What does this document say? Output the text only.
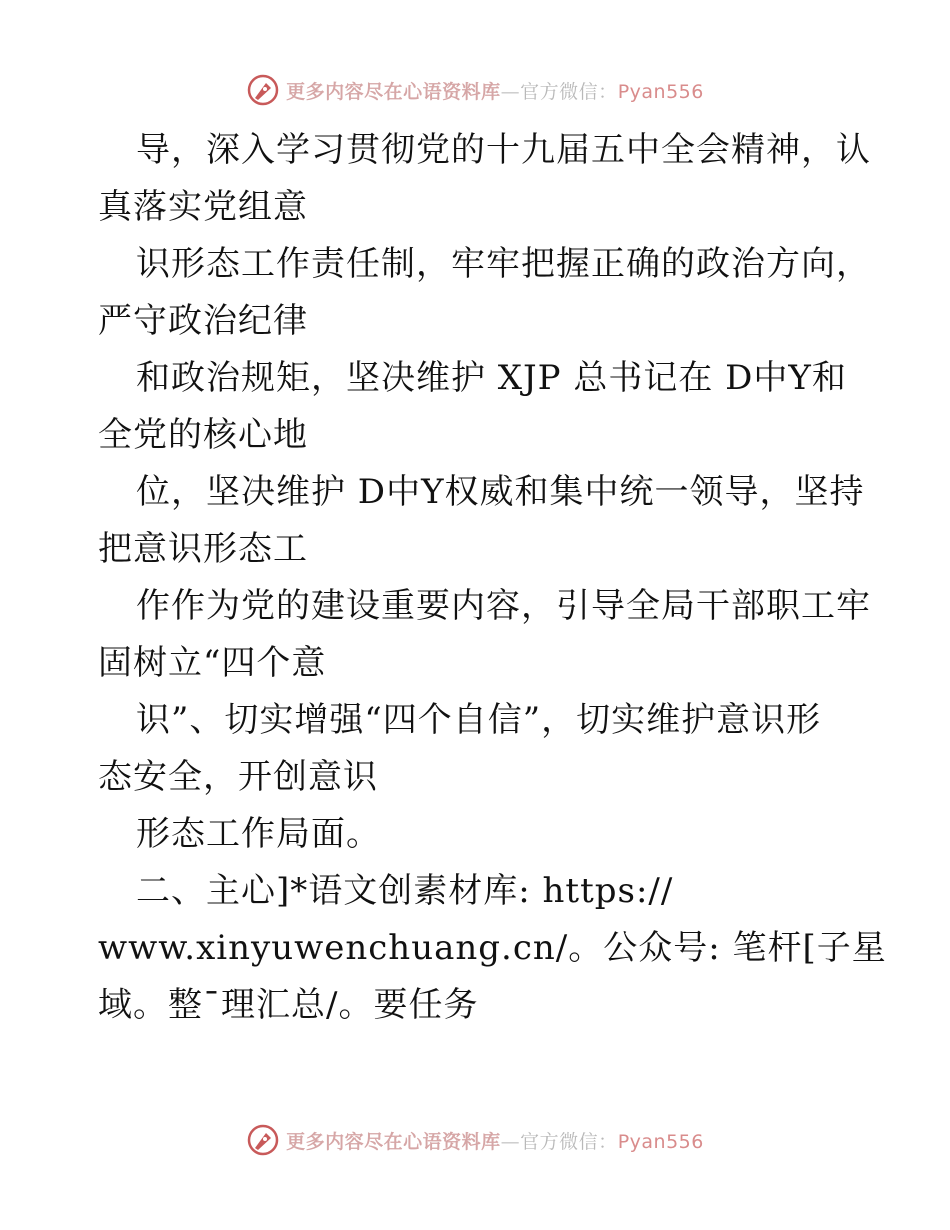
更多内容尽在心语资料库—官方微信：Pyan556
导，深入学习贯彻党的十九届五中全会精神，认
真落实党组意
识形态工作责任制，牢牢把握正确的政治方向，
严守政治纪律
和政治规矩，坚决维护 XJP 总书记在 D中Y和
全党的核心地
位，坚决维护 D中Y权威和集中统一领导，坚持
把意识形态工
作作为党的建设重要内容，引导全局干部职工牢
固树立“四个意
识”、切实增强“四个自信”，切实维护意识形
态安全，开创意识
形态工作局面。
二、主心]*语文创素材库: https://
www.xinyuwenchuang.cn/。公众号: 笔杆[子星
域。整¯理汇总/。要任务
更多内容尽在心语资料库—官方微信：Pyan556
